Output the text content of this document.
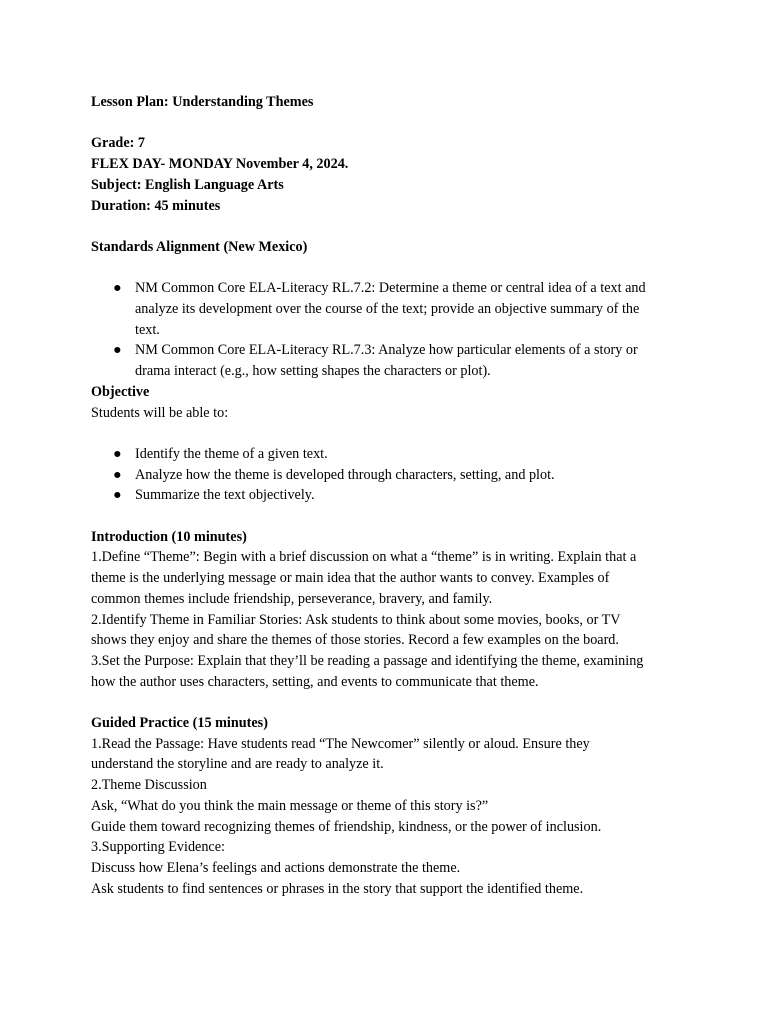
Lesson Plan: Understanding Themes
Grade: 7
FLEX DAY- MONDAY November 4, 2024.
Subject: English Language Arts
Duration: 45 minutes
Standards Alignment (New Mexico)
● NM Common Core ELA-Literacy RL.7.2: Determine a theme or central idea of a text and
analyze its development over the course of the text; provide an objective summary of the
text.
● NM Common Core ELA-Literacy RL.7.3: Analyze how particular elements of a story or
drama interact (e.g., how setting shapes the characters or plot).
Objective
Students will be able to:
● Identify the theme of a given text.
● Analyze how the theme is developed through characters, setting, and plot.
● Summarize the text objectively.
Introduction (10 minutes)
1.Define “Theme”: Begin with a brief discussion on what a “theme” is in writing. Explain that a
theme is the underlying message or main idea that the author wants to convey. Examples of
common themes include friendship, perseverance, bravery, and family.
2.Identify Theme in Familiar Stories: Ask students to think about some movies, books, or TV
shows they enjoy and share the themes of those stories. Record a few examples on the board.
3.Set the Purpose: Explain that they’ll be reading a passage and identifying the theme, examining
how the author uses characters, setting, and events to communicate that theme.
Guided Practice (15 minutes)
1.Read the Passage: Have students read “The Newcomer” silently or aloud. Ensure they
understand the storyline and are ready to analyze it.
2.Theme Discussion
Ask, “What do you think the main message or theme of this story is?”
Guide them toward recognizing themes of friendship, kindness, or the power of inclusion.
3.Supporting Evidence:
Discuss how Elena’s feelings and actions demonstrate the theme.
Ask students to find sentences or phrases in the story that support the identified theme.
